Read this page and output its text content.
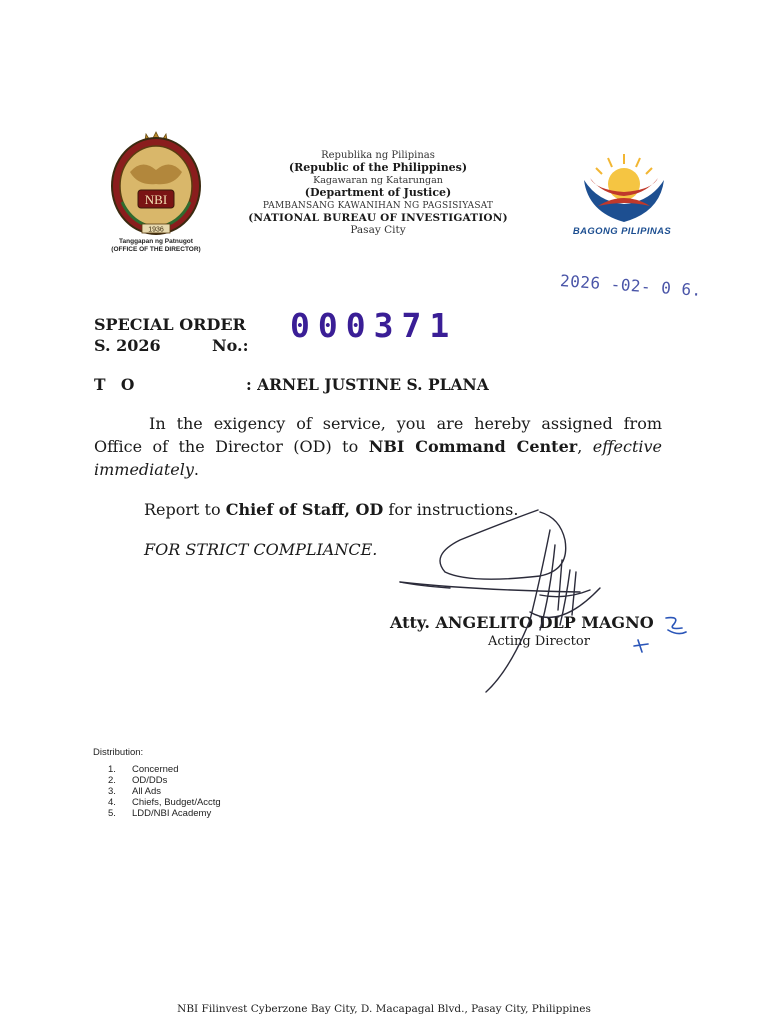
NBI
1936
Tanggapan ng Patnugot
(OFFICE OF THE DIRECTOR)
Republika ng Pilipinas
(Republic of the Philippines)
Kagawaran ng Katarungan
(Department of Justice)
PAMBANSANG KAWANIHAN NG PAGSISIYASAT
(NATIONAL BUREAU OF INVESTIGATION)
Pasay City	BAGONG PILIPINAS
2026 -02- 0 6.
SPECIAL ORDER
S. 2026	No.:
000371
T O	: ARNEL JUSTINE S. PLANA
In the exigency of service, you are hereby assigned from Office of the Director (OD) to NBI Command Center, effective immediately.
Report to Chief of Staff, OD for instructions.
FOR STRICT COMPLIANCE.
Atty. ANGELITO DLP MAGNO
Acting Director
Distribution:
1.	Concerned
2.	OD/DDs
3.	All Ads
4.	Chiefs, Budget/Acctg
5.	LDD/NBI Academy
NBI Filinvest Cyberzone Bay City, D. Macapagal Blvd., Pasay City, Philippines
